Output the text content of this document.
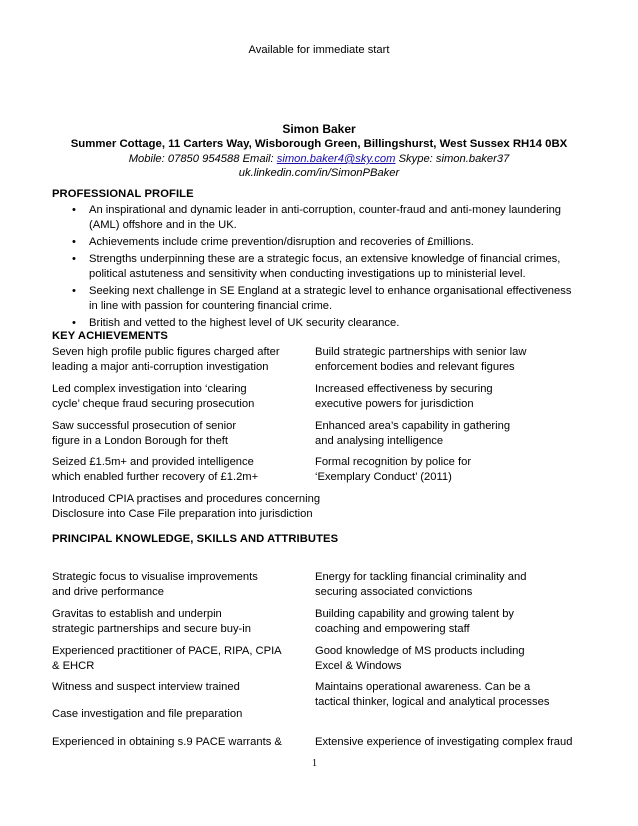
Available for immediate start
Simon Baker
Summer Cottage, 11 Carters Way, Wisborough Green, Billingshurst, West Sussex RH14 0BX
Mobile: 07850 954588 Email: simon.baker4@sky.com Skype: simon.baker37
uk.linkedin.com/in/SimonPBaker
PROFESSIONAL PROFILE
• An inspirational and dynamic leader in anti-corruption, counter-fraud and anti-money laundering (AML) offshore and in the UK.
• Achievements include crime prevention/disruption and recoveries of £millions.
• Strengths underpinning these are a strategic focus, an extensive knowledge of financial crimes, political astuteness and sensitivity when conducting investigations up to ministerial level.
• Seeking next challenge in SE England at a strategic level to enhance organisational effectiveness in line with passion for countering financial crime.
• British and vetted to the highest level of UK security clearance.
KEY ACHIEVEMENTS
Seven high profile public figures charged after
leading a major anti-corruption investigation
Build strategic partnerships with senior law
enforcement bodies and relevant figures
Led complex investigation into ‘clearing
cycle’ cheque fraud securing prosecution
Increased effectiveness by securing
executive powers for jurisdiction
Saw successful prosecution of senior
figure in a London Borough for theft
Enhanced area’s capability in gathering
and analysing intelligence
Seized £1.5m+ and provided intelligence
which enabled further recovery of £1.2m+
Formal recognition by police for
‘Exemplary Conduct’ (2011)
Introduced CPIA practises and procedures concerning
Disclosure into Case File preparation into jurisdiction
PRINCIPAL KNOWLEDGE, SKILLS AND ATTRIBUTES
Strategic focus to visualise improvements
and drive performance
Energy for tackling financial criminality and
securing associated convictions
Gravitas to establish and underpin
strategic partnerships and secure buy-in
Building capability and growing talent by
coaching and empowering staff
Experienced practitioner of PACE, RIPA, CPIA
& EHCR
Good knowledge of MS products including
Excel & Windows
Witness and suspect interview trained	Maintains operational awareness. Can be a
tactical thinker, logical and analytical processes
Case investigation and file preparation
Experienced in obtaining s.9 PACE warrants &	Extensive experience of investigating complex fraud
1
